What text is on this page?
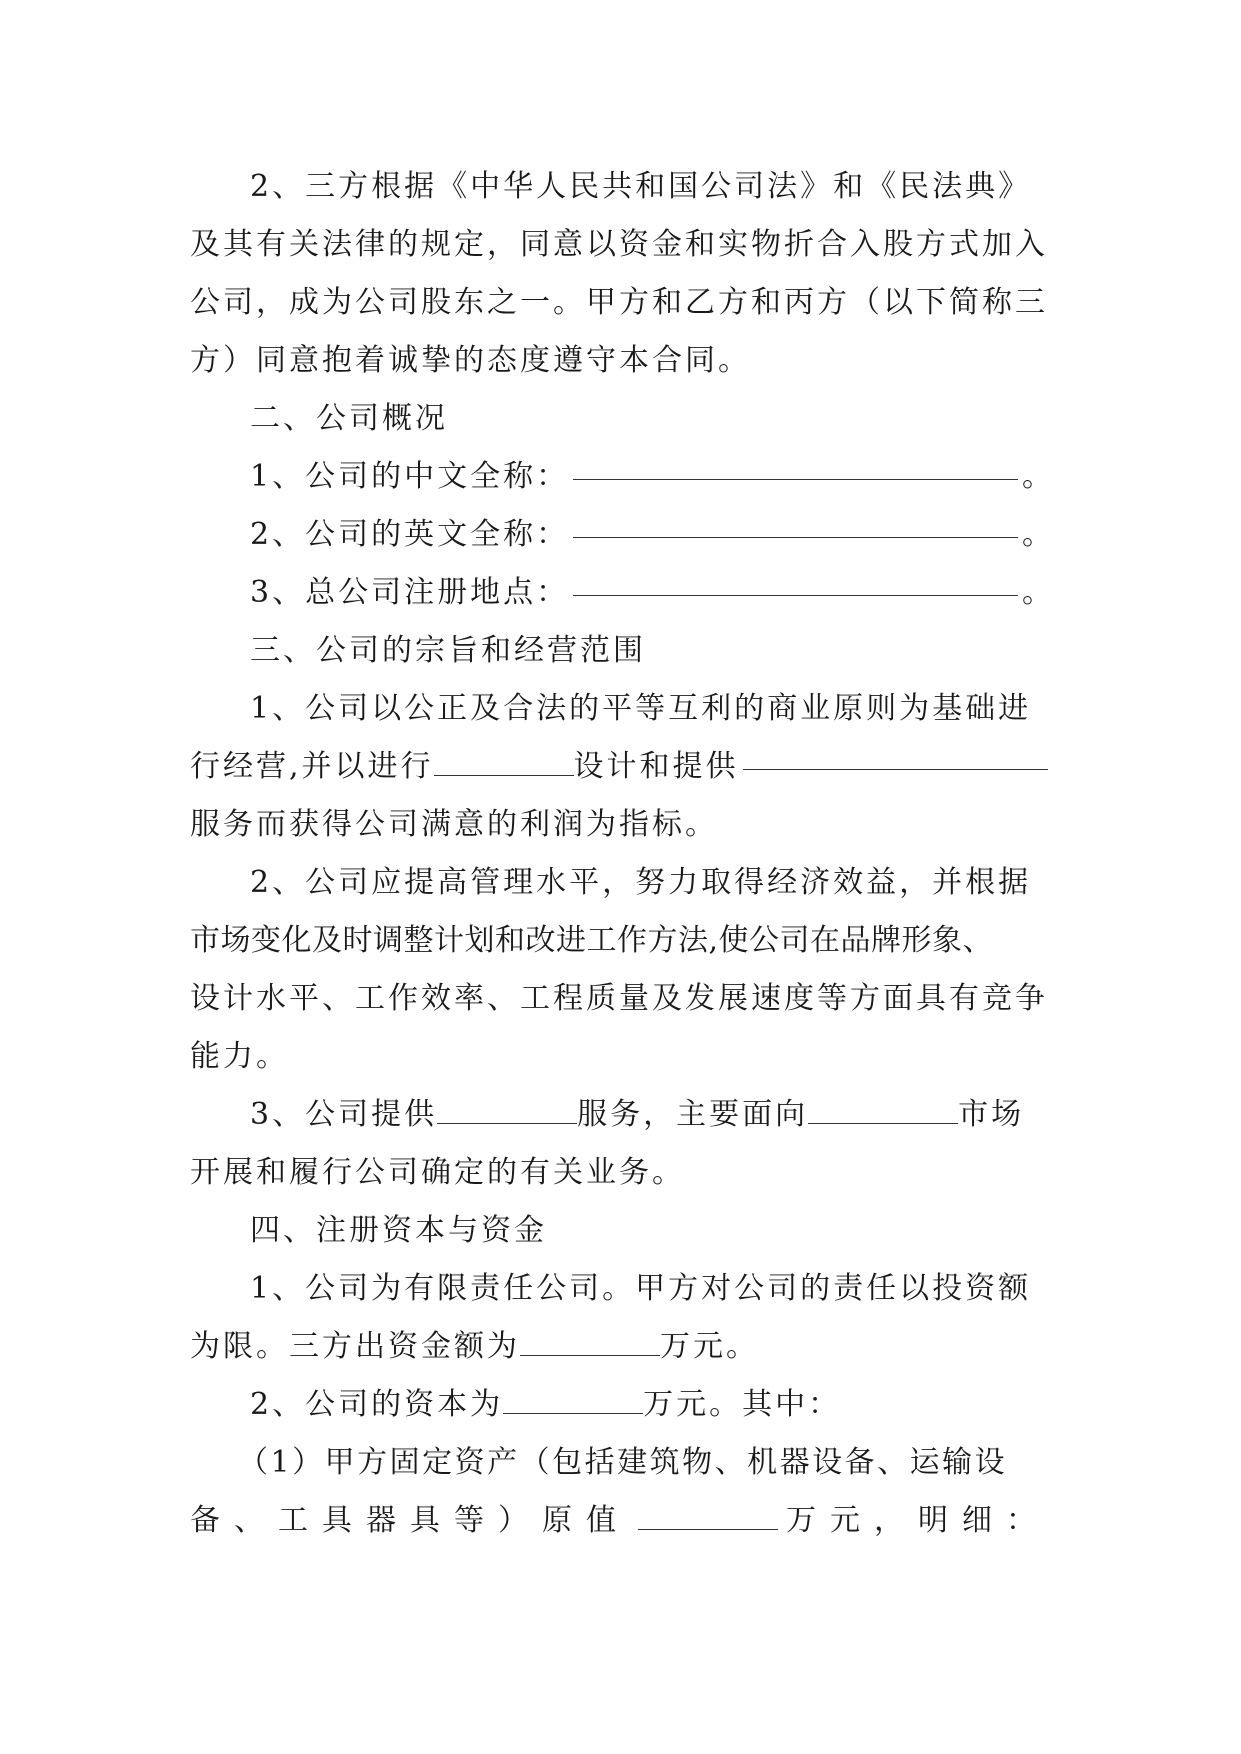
2、三方根据《中华人民共和国公司法》和《民法典》
及其有关法律的规定，同意以资金和实物折合入股方式加入
公司，成为公司股东之一。甲方和乙方和丙方（以下简称三
方）同意抱着诚挚的态度遵守本合同。
二、公司概况
1、公司的中文全称：	。
2、公司的英文全称：	。
3、总公司注册地点：	。
三、公司的宗旨和经营范围
1、公司以公正及合法的平等互利的商业原则为基础进
行经营,并以进行	设计和提供
服务而获得公司满意的利润为指标。
2、公司应提高管理水平，努力取得经济效益，并根据
市场变化及时调整计划和改进工作方法,使公司在品牌形象、
设计水平、工作效率、工程质量及发展速度等方面具有竞争
能力。
3、公司提供	服务，主要面向	市场
开展和履行公司确定的有关业务。
四、注册资本与资金
1、公司为有限责任公司。甲方对公司的责任以投资额
为限。三方出资金额为	万元。
2、公司的资本为	万元。其中：
（1）甲方固定资产（包括建筑物、机器设备、运输设
备、工具器具等）原值	万元，明细：
